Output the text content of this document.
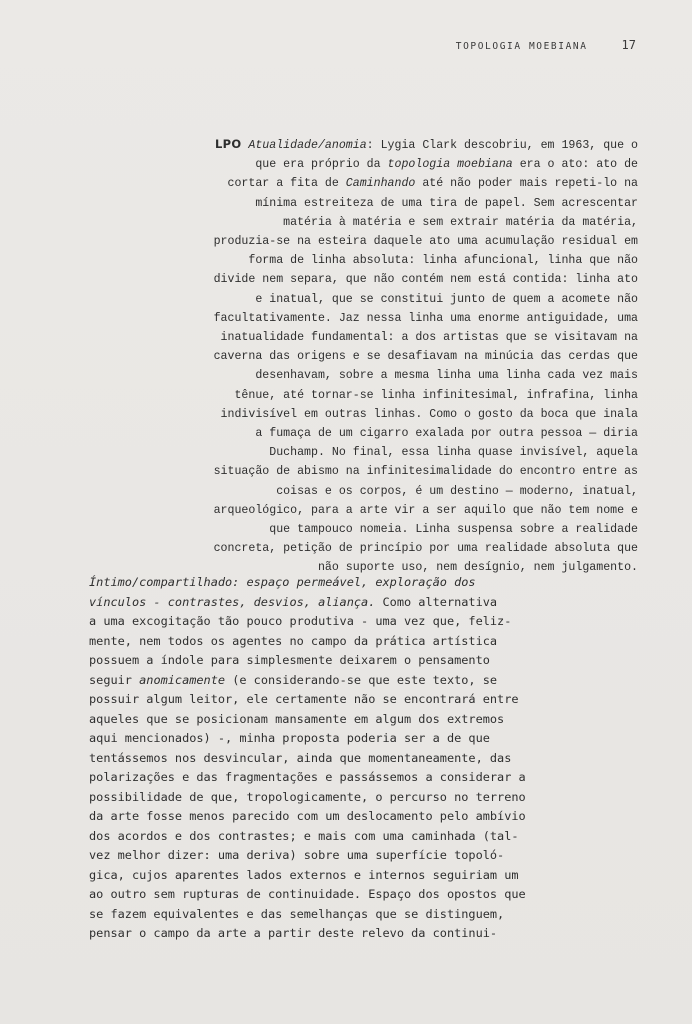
TOPOLOGIA MOEBIANA	17
LPO Atualidade/anomia: Lygia Clark descobriu, em 1963, que o
que era próprio da topologia moebiana era o ato: ato de
cortar a fita de Caminhando até não poder mais repeti-lo na
mínima estreiteza de uma tira de papel. Sem acrescentar
matéria à matéria e sem extrair matéria da matéria,
produzia-se na esteira daquele ato uma acumulação residual em
forma de linha absoluta: linha afuncional, linha que não
divide nem separa, que não contém nem está contida: linha ato
e inatual, que se constitui junto de quem a acomete não
facultativamente. Jaz nessa linha uma enorme antiguidade, uma
inatualidade fundamental: a dos artistas que se visitavam na
caverna das origens e se desafiavam na minúcia das cerdas que
desenhavam, sobre a mesma linha uma linha cada vez mais
tênue, até tornar-se linha infinitesimal, infrafina, linha
indivisível em outras linhas. Como o gosto da boca que inala
a fumaça de um cigarro exalada por outra pessoa — diria
Duchamp. No final, essa linha quase invisível, aquela
situação de abismo na infinitesimalidade do encontro entre as
coisas e os corpos, é um destino — moderno, inatual,
arqueológico, para a arte vir a ser aquilo que não tem nome e
que tampouco nomeia. Linha suspensa sobre a realidade
concreta, petição de princípio por uma realidade absoluta que
não suporte uso, nem desígnio, nem julgamento.
Íntimo/compartilhado: espaço permeável, exploração dos
vínculos - contrastes, desvios, aliança. Como alternativa
a uma excogitação tão pouco produtiva - uma vez que, feliz-
mente, nem todos os agentes no campo da prática artística
possuem a índole para simplesmente deixarem o pensamento
seguir anomicamente (e considerando-se que este texto, se
possuir algum leitor, ele certamente não se encontrará entre
aqueles que se posicionam mansamente em algum dos extremos
aqui mencionados) -, minha proposta poderia ser a de que
tentássemos nos desvincular, ainda que momentaneamente, das
polarizações e das fragmentações e passássemos a considerar a
possibilidade de que, tropologicamente, o percurso no terreno
da arte fosse menos parecido com um deslocamento pelo ambívio
dos acordos e dos contrastes; e mais com uma caminhada (tal-
vez melhor dizer: uma deriva) sobre uma superfície topoló-
gica, cujos aparentes lados externos e internos seguiriam um
ao outro sem rupturas de continuidade. Espaço dos opostos que
se fazem equivalentes e das semelhanças que se distinguem,
pensar o campo da arte a partir deste relevo da continui-
